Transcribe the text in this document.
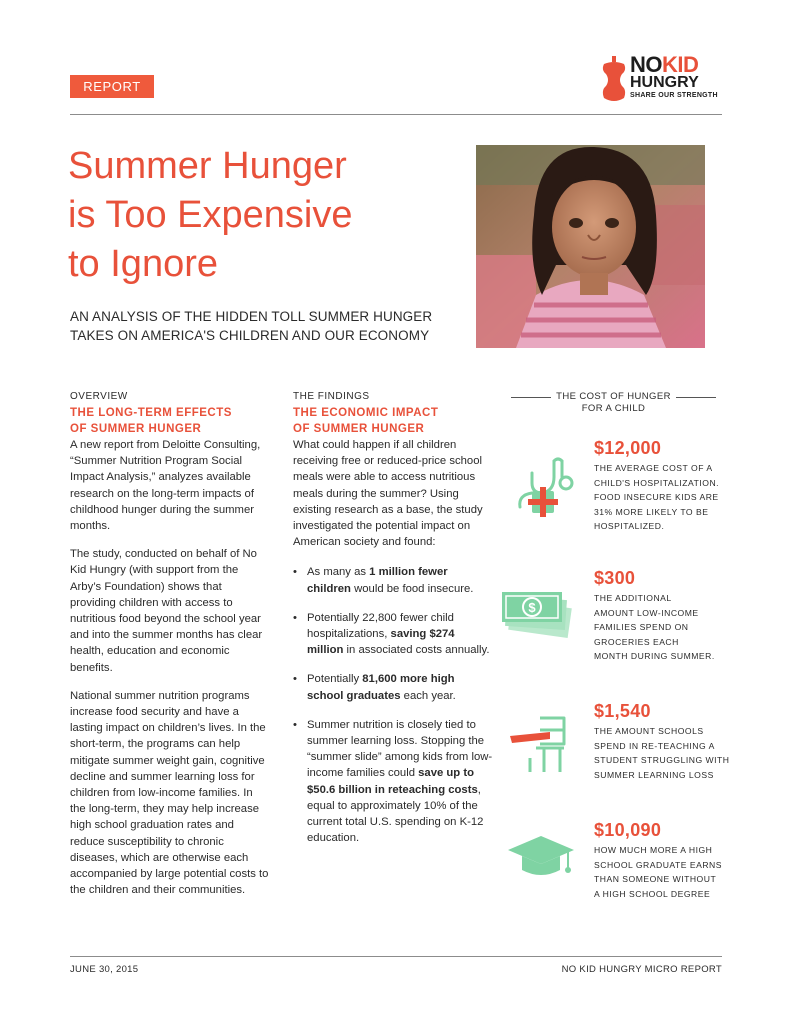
REPORT
NOKID
HUNGRY
SHARE OUR STRENGTH
Summer Hunger
is Too Expensive
to Ignore
AN ANALYSIS OF THE HIDDEN TOLL SUMMER HUNGER
TAKES ON AMERICA'S CHILDREN AND OUR ECONOMY
OVERVIEW
THE LONG-TERM EFFECTS
OF SUMMER HUNGER

A new report from Deloitte Consulting, “Summer Nutrition Program Social Impact Analysis,” analyzes available research on the long-term impacts of childhood hunger during the summer months.

The study, conducted on behalf of No Kid Hungry (with support from the Arby’s Foundation) shows that providing children with access to nutritious food beyond the school year and into the summer months has clear health, education and economic benefits.

National summer nutrition programs increase food security and have a lasting impact on children’s lives. In the short-term, the programs can help mitigate summer weight gain, cognitive decline and summer learning loss for children from low-income families. In the long-term, they may help increase high school graduation rates and reduce susceptibility to chronic diseases, which are otherwise each accompanied by large potential costs to the children and their communities.

THE FINDINGS
THE ECONOMIC IMPACT
OF SUMMER HUNGER

What could happen if all children receiving free or reduced-price school meals were able to access nutritious meals during the summer? Using existing research as a base, the study investigated the potential impact on American society and found:

• As many as 1 million fewer children would be food insecure.
• Potentially 22,800 fewer child hospitalizations, saving $274 million in associated costs annually.
• Potentially 81,600 more high school graduates each year.
• Summer nutrition is closely tied to summer learning loss. Stopping the “summer slide” among kids from low-income families could save up to $50.6 billion in reteaching costs, equal to approximately 10% of the current total U.S. spending on K-12 education.
THE COST OF HUNGER
FOR A CHILD
$12,000
THE AVERAGE COST OF A
CHILD'S HOSPITALIZATION.
FOOD INSECURE KIDS ARE
31% MORE LIKELY TO BE
HOSPITALIZED.
$
$300
THE ADDITIONAL
AMOUNT LOW-INCOME
FAMILIES SPEND ON
GROCERIES EACH
MONTH DURING SUMMER.
$1,540
THE AMOUNT SCHOOLS
SPEND IN RE-TEACHING A
STUDENT STRUGGLING WITH
SUMMER LEARNING LOSS
$10,090
HOW MUCH MORE A HIGH
SCHOOL GRADUATE EARNS
THAN SOMEONE WITHOUT
A HIGH SCHOOL DEGREE
JUNE 30, 2015	NO KID HUNGRY MICRO REPORT
